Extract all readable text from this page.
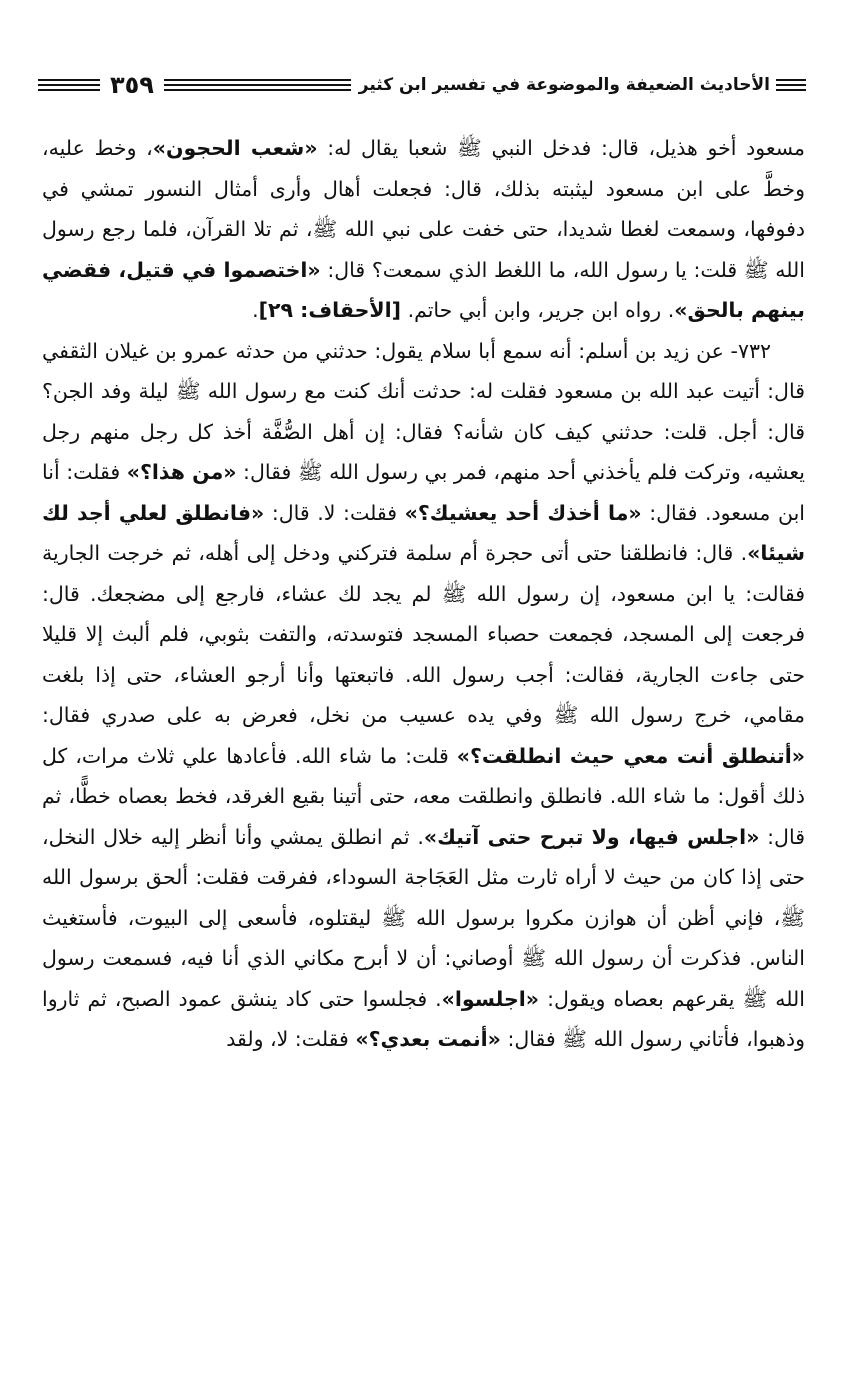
الأحاديث الضعيفة والموضوعة في تفسير ابن كثير
٣٥٩

مسعود أخو هذيل، قال: فدخل النبي ﷺ شعبا يقال له: «شعب الحجون»، وخط عليه، وخطَّ على ابن مسعود ليثبته بذلك، قال: فجعلت أهال وأرى أمثال النسور تمشي في دفوفها، وسمعت لغطا شديدا، حتى خفت على نبي الله ﷺ، ثم تلا القرآن، فلما رجع رسول الله ﷺ قلت: يا رسول الله، ما اللغط الذي سمعت؟ قال: «اختصموا في قتيل، فقضي بينهم بالحق». رواه ابن جرير، وابن أبي حاتم. [الأحقاف: ٢٩].

٧٣٢- عن زيد بن أسلم: أنه سمع أبا سلام يقول: حدثني من حدثه عمرو بن غيلان الثقفي قال: أتيت عبد الله بن مسعود فقلت له: حدثت أنك كنت مع رسول الله ﷺ ليلة وفد الجن؟ قال: أجل. قلت: حدثني كيف كان شأنه؟ فقال: إن أهل الصُّفَّة أخذ كل رجل منهم رجل يعشيه، وتركت فلم يأخذني أحد منهم، فمر بي رسول الله ﷺ فقال: «من هذا؟» فقلت: أنا ابن مسعود. فقال: «ما أخذك أحد يعشيك؟» فقلت: لا. قال: «فانطلق لعلي أجد لك شيئا». قال: فانطلقنا حتى أتى حجرة أم سلمة فتركني ودخل إلى أهله، ثم خرجت الجارية فقالت: يا ابن مسعود، إن رسول الله ﷺ لم يجد لك عشاء، فارجع إلى مضجعك. قال: فرجعت إلى المسجد، فجمعت حصباء المسجد فتوسدته، والتفت بثوبي، فلم ألبث إلا قليلا حتى جاءت الجارية، فقالت: أجب رسول الله. فاتبعتها وأنا أرجو العشاء، حتى إذا بلغت مقامي، خرج رسول الله ﷺ وفي يده عسيب من نخل، فعرض به على صدري فقال: «أتنطلق أنت معي حيث انطلقت؟» قلت: ما شاء الله. فأعادها علي ثلاث مرات، كل ذلك أقول: ما شاء الله. فانطلق وانطلقت معه، حتى أتينا بقيع الغرقد، فخط بعصاه خطًّا، ثم قال: «اجلس فيها، ولا تبرح حتى آتيك». ثم انطلق يمشي وأنا أنظر إليه خلال النخل، حتى إذا كان من حيث لا أراه ثارت مثل العَجَاجة السوداء، ففرقت فقلت: ألحق برسول الله ﷺ، فإني أظن أن هوازن مكروا برسول الله ﷺ ليقتلوه، فأسعى إلى البيوت، فأستغيث الناس. فذكرت أن رسول الله ﷺ أوصاني: أن لا أبرح مكاني الذي أنا فيه، فسمعت رسول الله ﷺ يقرعهم بعصاه ويقول: «اجلسوا». فجلسوا حتى كاد ينشق عمود الصبح، ثم ثاروا وذهبوا، فأتاني رسول الله ﷺ فقال: «أنمت بعدي؟» فقلت: لا، ولقد
